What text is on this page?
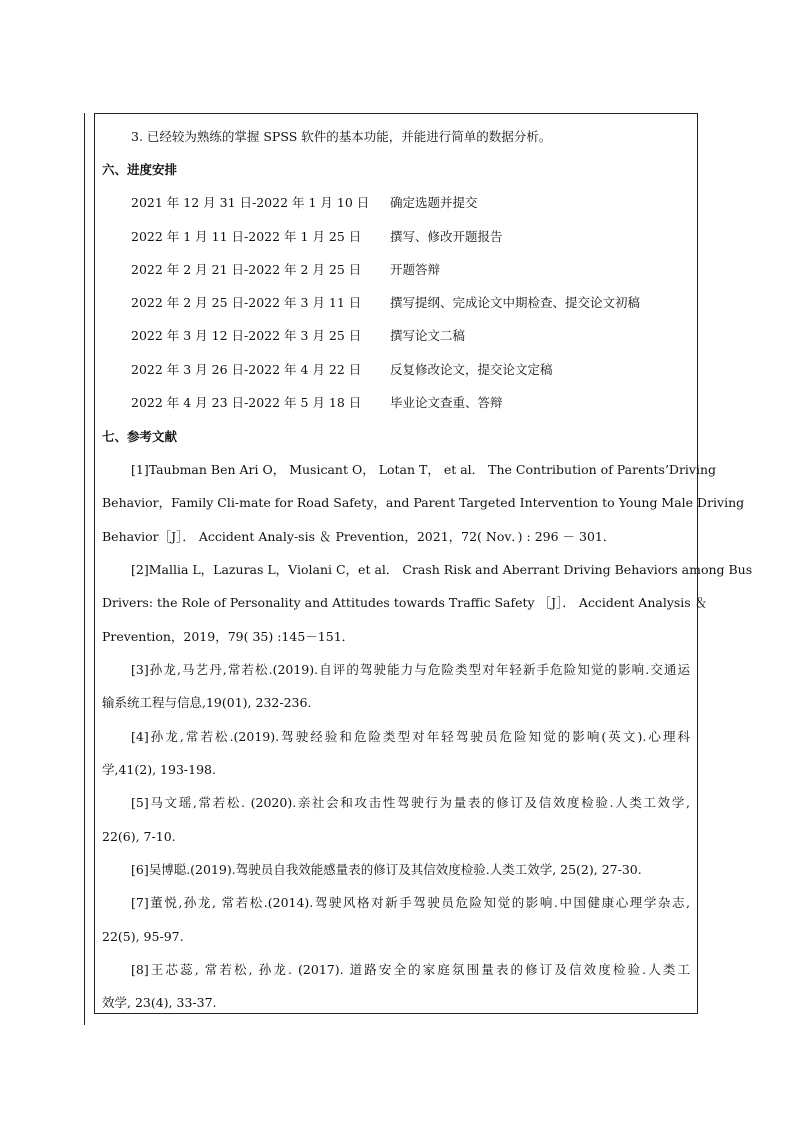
3. 已经较为熟练的掌握 SPSS 软件的基本功能，并能进行简单的数据分析。
六、进度安排
2021 年 12 月 31 日-2022 年 1 月 10 日 确定选题并提交
2022 年 1 月 11 日-2022 年 1 月 25 日 撰写、修改开题报告
2022 年 2 月 21 日-2022 年 2 月 25 日 开题答辩
2022 年 2 月 25 日-2022 年 3 月 11 日 撰写提纲、完成论文中期检查、提交论文初稿
2022 年 3 月 12 日-2022 年 3 月 25 日 撰写论文二稿
2022 年 3 月 26 日-2022 年 4 月 22 日 反复修改论文，提交论文定稿
2022 年 4 月 23 日-2022 年 5 月 18 日 毕业论文查重、答辩
七、参考文献
[1]Taubman Ben Ari O， Musicant O， Lotan T， et al． The Contribution of Parents’Driving
Behavior，Family Cli-mate for Road Safety，and Parent Targeted Intervention to Young Male Driving
Behavior［J］． Accident Analy-sis ＆ Prevention，2021，72( Nov．) : 296 － 301．
[2]Mallia L，Lazuras L，Violani C，et al． Crash Risk and Aberrant Driving Behaviors among Bus
Drivers: the Role of Personality and Attitudes towards Traffic Safety ［J］． Accident Analysis ＆
Prevention，2019，79( 35) :145－151．
[3]孙龙,马艺丹,常若松.(2019).自评的驾驶能力与危险类型对年轻新手危险知觉的影响.交通运
输系统工程与信息,19(01), 232-236.
[4]孙龙,常若松.(2019).驾驶经验和危险类型对年轻驾驶员危险知觉的影响(英文).心理科
学,41(2), 193-198.
[5]马文瑶,常若松. (2020).亲社会和攻击性驾驶行为量表的修订及信效度检验.人类工效学,
22(6), 7-10.
[6]吴博聪.(2019).驾驶员自我效能感量表的修订及其信效度检验.人类工效学, 25(2), 27-30.
[7]董悦,孙龙, 常若松.(2014).驾驶风格对新手驾驶员危险知觉的影响.中国健康心理学杂志,
22(5), 95-97.
[8]王芯蕊, 常若松, 孙龙. (2017). 道路安全的家庭氛围量表的修订及信效度检验.人类工
效学, 23(4), 33-37.
